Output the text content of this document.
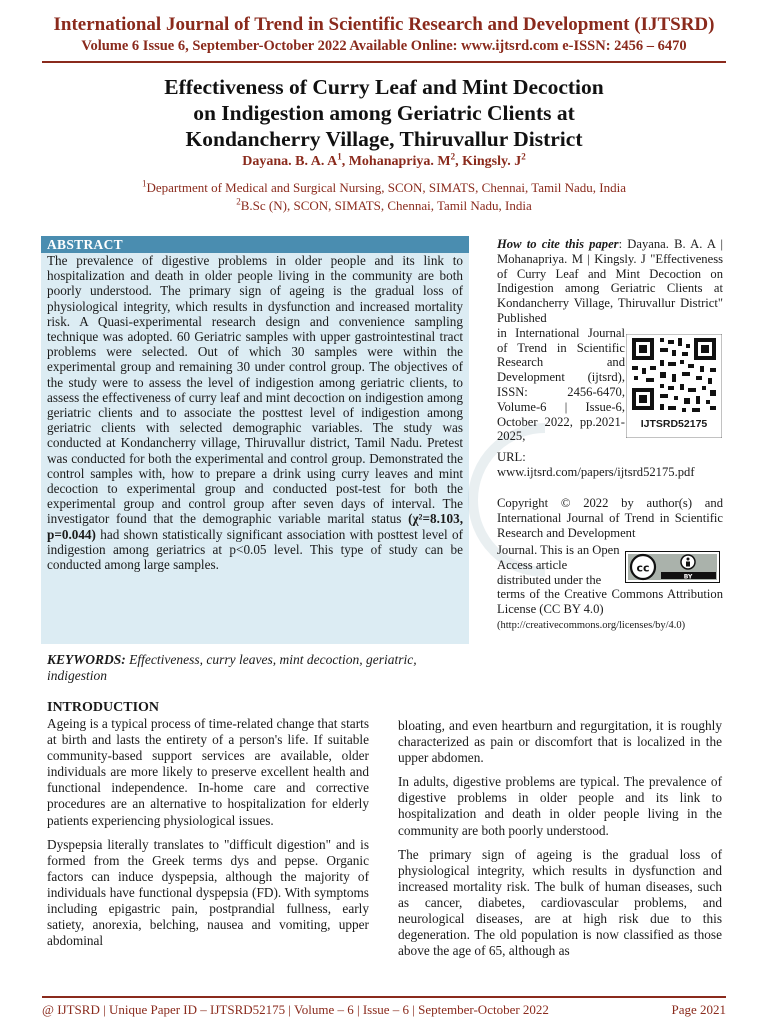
International Journal of Trend in Scientific Research and Development (IJTSRD)
Volume 6 Issue 6, September-October 2022 Available Online: www.ijtsrd.com e-ISSN: 2456 – 6470
Effectiveness of Curry Leaf and Mint Decoction
on Indigestion among Geriatric Clients at
Kondancherry Village, Thiruvallur District
Dayana. B. A. $A^1$, Mohanapriya. $M^2$, Kingsly. $J^2$
$^1$Department of Medical and Surgical Nursing, SCON, SIMATS, Chennai, Tamil Nadu, India
$^2$B.Sc (N), SCON, SIMATS, Chennai, Tamil Nadu, India
ABSTRACT
The prevalence of digestive problems in older people and its link to hospitalization and death in older people living in the community are both poorly understood. The primary sign of ageing is the gradual loss of physiological integrity, which results in dysfunction and increased mortality risk. A Quasi-experimental research design and convenience sampling technique was adopted. 60 Geriatric samples with upper gastrointestinal tract problems were selected. Out of which 30 samples were within the experimental group and remaining 30 under control group. The objectives of the study were to assess the level of indigestion among geriatric clients, to assess the effectiveness of curry leaf and mint decoction on indigestion among geriatric clients and to associate the posttest level of indigestion among geriatric clients with selected demographic variables. The study was conducted at Kondancherry village, Thiruvallur district, Tamil Nadu. Pretest was conducted for both the experimental and control group. Demonstrated the control samples with, how to prepare a drink using curry leaves and mint decoction to experimental group and conducted post-test for both the experimental group and control group after seven days of interval. The investigator found that the demographic variable marital status (χ²=8.103, p=0.044) had shown statistically significant association with posttest level of indigestion among geriatrics at p<0.05 level. This type of study can be conducted among large samples.
KEYWORDS: Effectiveness, curry leaves, mint decoction, geriatric, indigestion
How to cite this paper: Dayana. B. A. A | Mohanapriya. M | Kingsly. J "Effectiveness of Curry Leaf and Mint Decoction on Indigestion among Geriatric Clients at Kondancherry Village, Thiruvallur District" Published
in International Journal of Trend in Scientific Research and Development (ijtsrd), ISSN: 2456-6470, Volume-6 | Issue-6, October 2022, pp.2021-2025,
IJTSRD52175
URL: www.ijtsrd.com/papers/ijtsrd52175.pdf
Copyright © 2022 by author(s) and International Journal of Trend in Scientific Research and Development
Journal. This is an Open Access article distributed under the
cc
BY
terms of the Creative Commons Attribution License (CC BY 4.0)
(http://creativecommons.org/licenses/by/4.0)
INTRODUCTION

Ageing is a typical process of time-related change that starts at birth and lasts the entirety of a person's life. If suitable community-based support services are available, older individuals are more likely to preserve excellent health and functional independence. In-home care and corrective procedures are an alternative to hospitalization for elderly patients experiencing physiological issues.

Dyspepsia literally translates to "difficult digestion" and is formed from the Greek terms dys and pepse. Organic factors can induce dyspepsia, although the majority of individuals have functional dyspepsia (FD). With symptoms including epigastric pain, postprandial fullness, early satiety, anorexia, belching, nausea and vomiting, upper abdominal

bloating, and even heartburn and regurgitation, it is roughly characterized as pain or discomfort that is localized in the upper abdomen.

In adults, digestive problems are typical. The prevalence of digestive problems in older people and its link to hospitalization and death in older people living in the community are both poorly understood.

The primary sign of ageing is the gradual loss of physiological integrity, which results in dysfunction and increased mortality risk. The bulk of human diseases, such as cancer, diabetes, cardiovascular problems, and neurological diseases, are at high risk due to this degeneration. The old population is now classified as those above the age of 65, although as

@ IJTSRD | Unique Paper ID – IJTSRD52175 | Volume – 6 | Issue – 6 | September-October 2022	Page 2021
